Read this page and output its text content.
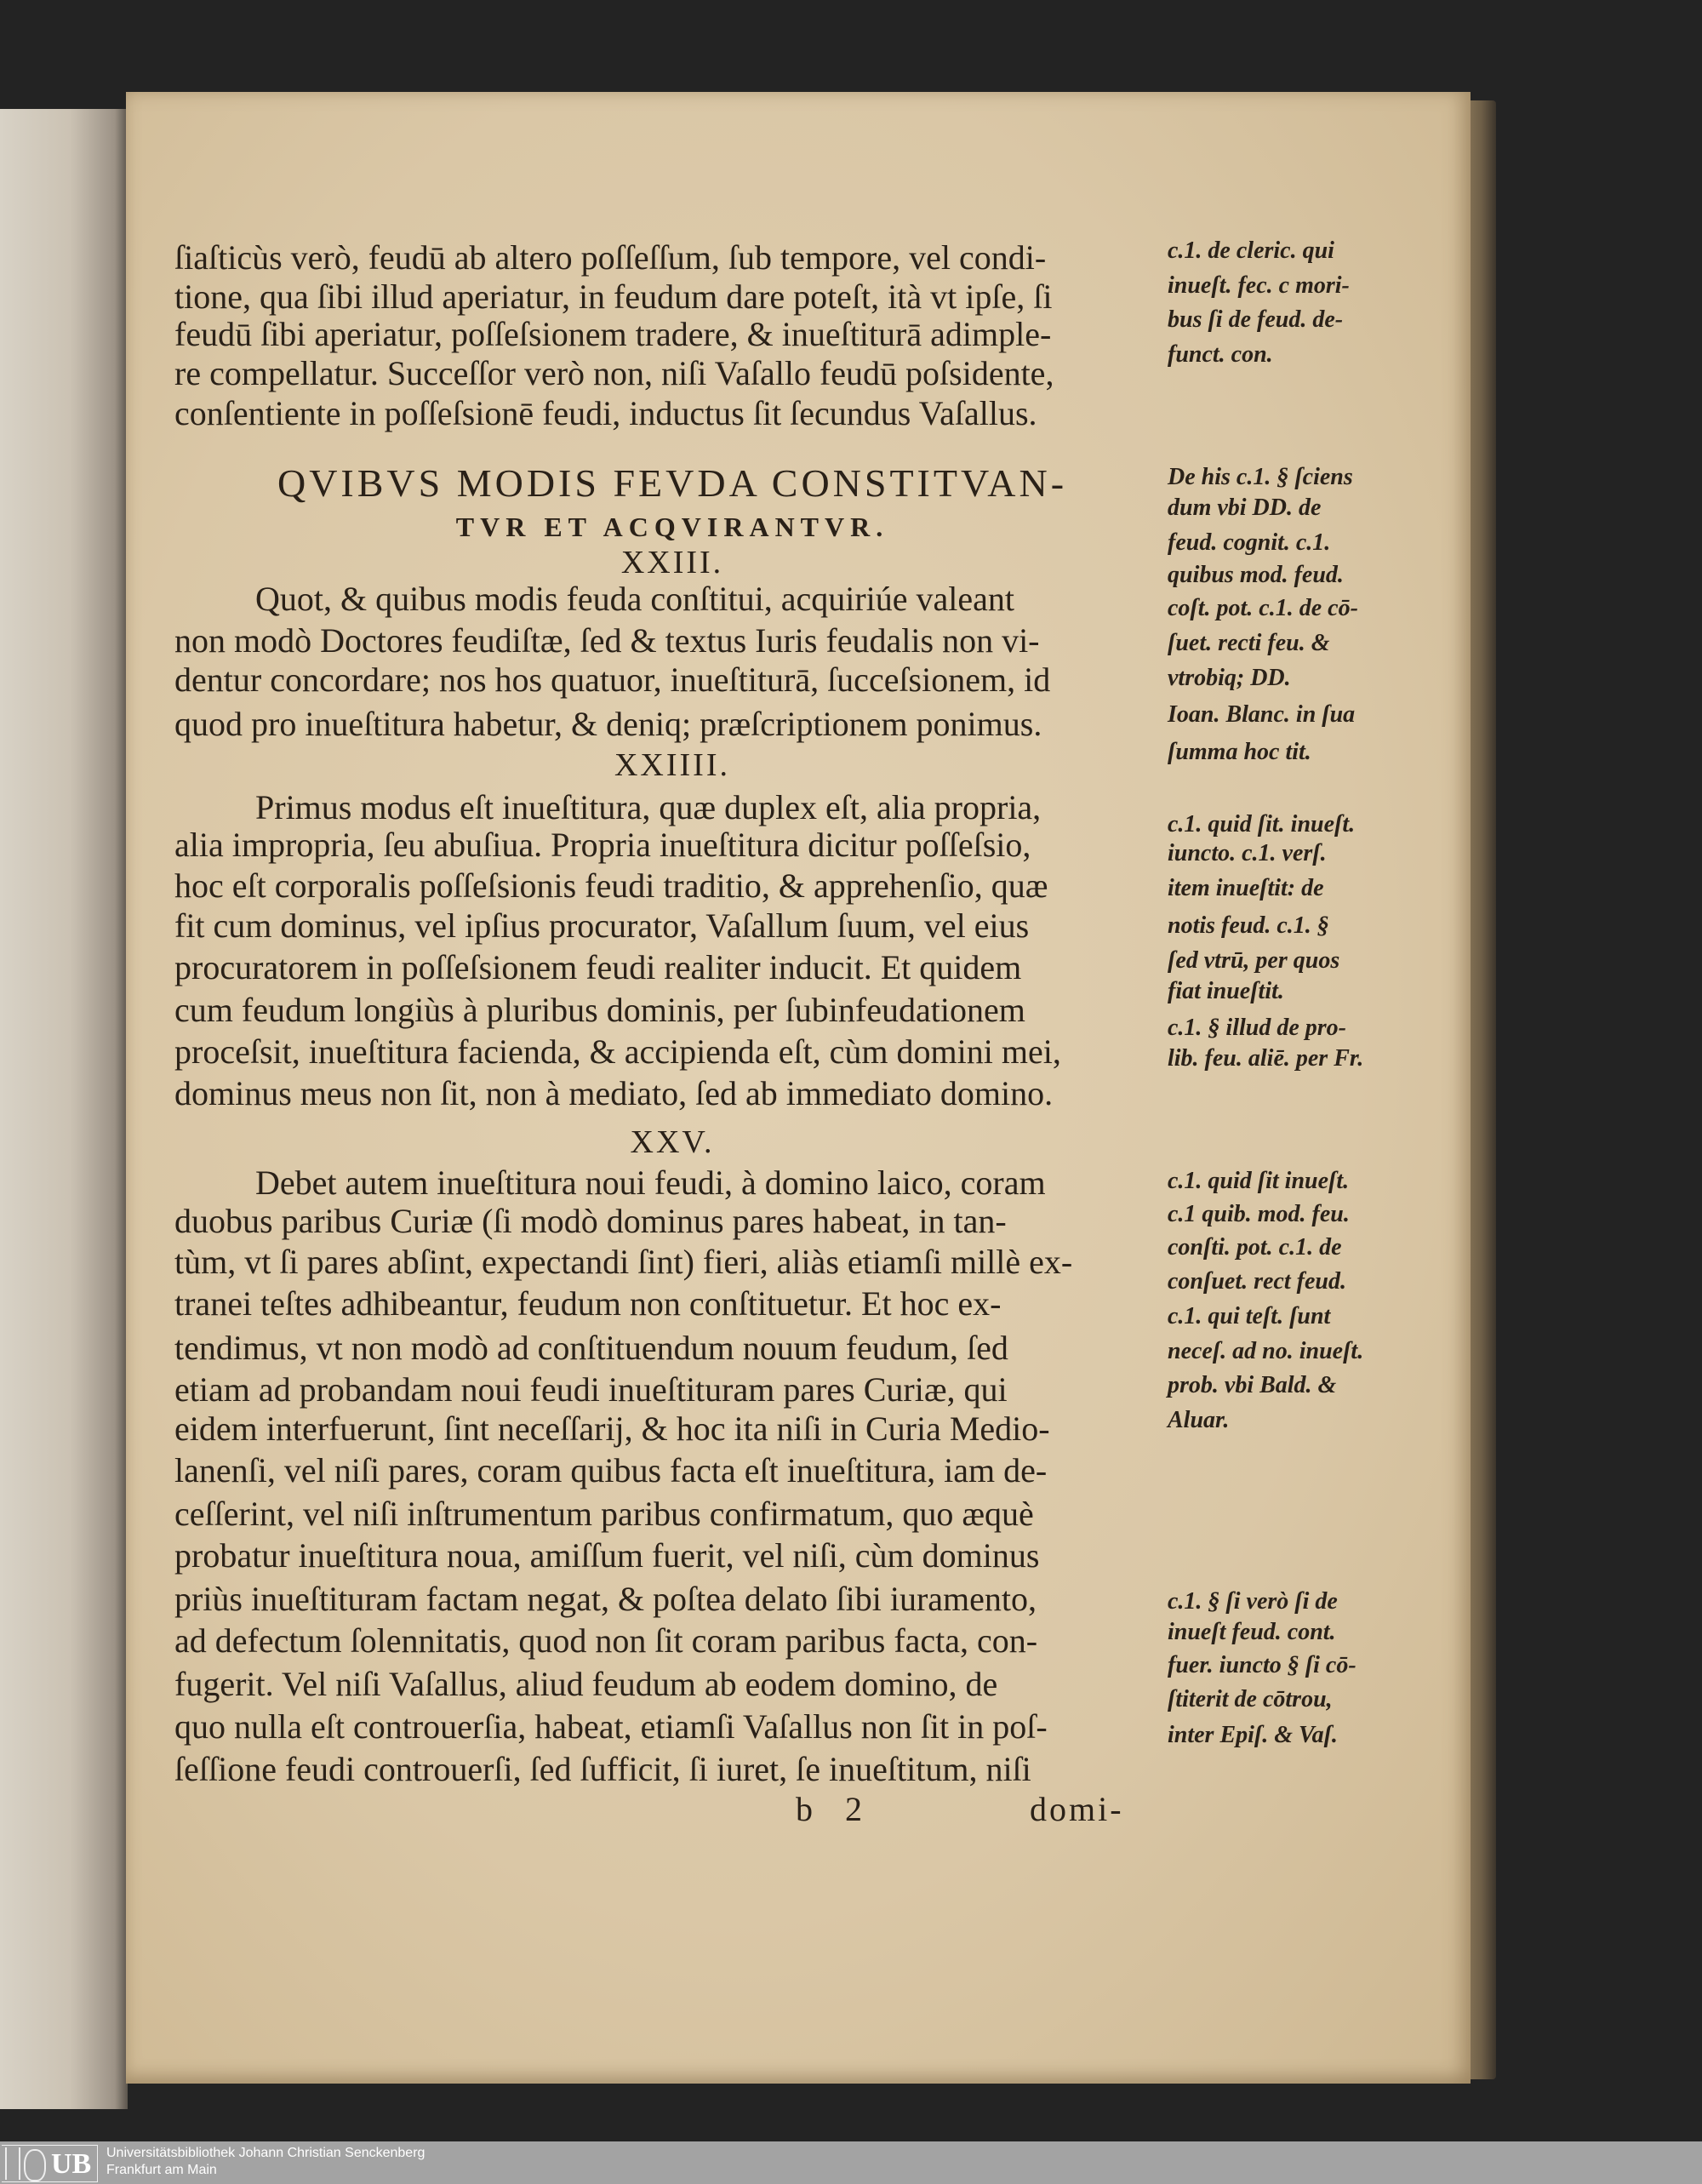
ſiaſticùs verò, feudū ab altero poſſeſſum, ſub tempore, vel condi-
tione, qua ſibi illud aperiatur, in feudum dare poteſt, ità vt ipſe, ſi
feudū ſibi aperiatur, poſſeſsionem tradere, & inueſtiturā adimple-
re compellatur. Succeſſor verò non, niſi Vaſallo feudū poſsidente,
conſentiente in poſſeſsionē feudi, inductus ſit ſecundus Vaſallus.
QVIBVS MODIS FEVDA CONSTITVAN-
TVR ET ACQVIRANTVR.
XXIII.
Quot, & quibus modis feuda conſtitui, acquiriúe valeant
non modò Doctores feudiſtæ, ſed & textus Iuris feudalis non vi-
dentur concordare; nos hos quatuor, inueſtiturā, ſucceſsionem, id
quod pro inueſtitura habetur, & deniq; præſcriptionem ponimus.
XXIIII.
Primus modus eſt inueſtitura, quæ duplex eſt, alia propria,
alia impropria, ſeu abuſiua. Propria inueſtitura dicitur poſſeſsio,
hoc eſt corporalis poſſeſsionis feudi traditio, & apprehenſio, quæ
fit cum dominus, vel ipſius procurator, Vaſallum ſuum, vel eius
procuratorem in poſſeſsionem feudi realiter inducit. Et quidem
cum feudum longiùs à pluribus dominis, per ſubinfeudationem
proceſsit, inueſtitura facienda, & accipienda eſt, cùm domini mei,
dominus meus non ſit, non à mediato, ſed ab immediato domino.
XXV.
Debet autem inueſtitura noui feudi, à domino laico, coram
duobus paribus Curiæ (ſi modò dominus pares habeat, in tan-
tùm, vt ſi pares abſint, expectandi ſint) fieri, aliàs etiamſi millè ex-
tranei teſtes adhibeantur, feudum non conſtituetur. Et hoc ex-
tendimus, vt non modò ad conſtituendum nouum feudum, ſed
etiam ad probandam noui feudi inueſtituram pares Curiæ, qui
eidem interfuerunt, ſint neceſſarij, & hoc ita niſi in Curia Medio-
lanenſi, vel niſi pares, coram quibus facta eſt inueſtitura, iam de-
ceſſerint, vel niſi inſtrumentum paribus confirmatum, quo æquè
probatur inueſtitura noua, amiſſum fuerit, vel niſi, cùm dominus
priùs inueſtituram factam negat, & poſtea delato ſibi iuramento,
ad defectum ſolennitatis, quod non ſit coram paribus facta, con-
fugerit. Vel niſi Vaſallus, aliud feudum ab eodem domino, de
quo nulla eſt controuerſia, habeat, etiamſi Vaſallus non ſit in poſ-
ſeſſione feudi controuerſi, ſed ſufficit, ſi iuret, ſe inueſtitum, niſi
c.1. de cleric. qui
inueſt. fec. c mori-
bus ſi de feud. de-
funct. con.
De his c.1. § ſciens
dum vbi DD. de
feud. cognit. c.1.
quibus mod. feud.
coſt. pot. c.1. de cō-
ſuet. recti feu. &
vtrobiq; DD.
Ioan. Blanc. in ſua
ſumma hoc tit.
c.1. quid ſit. inueſt.
iuncto. c.1. verſ.
item inueſtit: de
notis feud. c.1. §
ſed vtrū, per quos
fiat inueſtit.
c.1. § illud de pro-
lib. feu. aliē. per Fr.
c.1. quid ſit inueſt.
c.1 quib. mod. feu.
conſti. pot. c.1. de
conſuet. rect feud.
c.1. qui teſt. ſunt
neceſ. ad no. inueſt.
prob. vbi Bald. &
Aluar.
c.1. § ſi verò ſi de
inueſt feud. cont.
fuer. iuncto § ſi cō-
ſtiterit de cōtrou,
inter Epiſ. & Vaſ.
b 2	domi-
UB Universitätsbibliothek Johann Christian Senckenberg
Frankfurt am Main
